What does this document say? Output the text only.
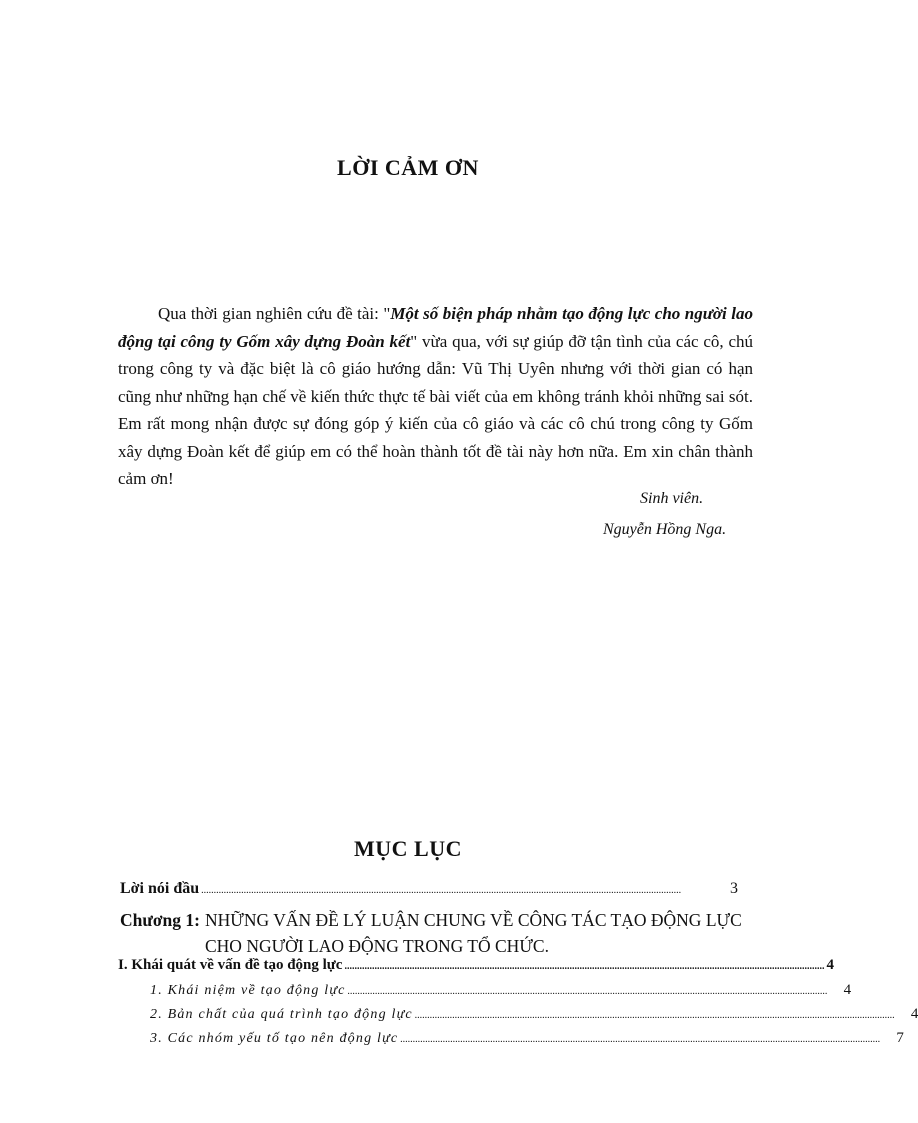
LỜI CẢM ƠN

Qua thời gian nghiên cứu đề tài: "Một số biện pháp nhằm tạo động lực cho người lao động tại công ty Gốm xây dựng Đoàn kết" vừa qua, với sự giúp đỡ tận tình của các cô, chú trong công ty và đặc biệt là cô giáo hướng dẫn: Vũ Thị Uyên nhưng với thời gian có hạn cũng như những hạn chế về kiến thức thực tế bài viết của em không tránh khỏi những sai sót. Em rất mong nhận được sự đóng góp ý kiến của cô giáo và các cô chú trong công ty Gốm xây dựng Đoàn kết để giúp em có thể hoàn thành tốt đề tài này hơn nữa. Em xin chân thành cảm ơn!

Sinh viên.
Nguyễn Hồng Nga.
MỤC LỤC
Lời nói đầu ................................................................................................................................................................................................	3
Chương 1: NHỮNG VẤN ĐỀ LÝ LUẬN CHUNG VỀ CÔNG TÁC TẠO ĐỘNG LỰC CHO NGƯỜI LAO ĐỘNG TRONG TỔ CHỨC.
I. Khái quát về vấn đề tạo động lực ................................................................................................................................................................................................ 4
1. Khái niệm về tạo động lực ................................................................................................................................................................................................	4
2. Bản chất của quá trình tạo động lực ................................................................................................................................................................................................	4
3. Các nhóm yếu tố tạo nên động lực ................................................................................................................................................................................................	7
